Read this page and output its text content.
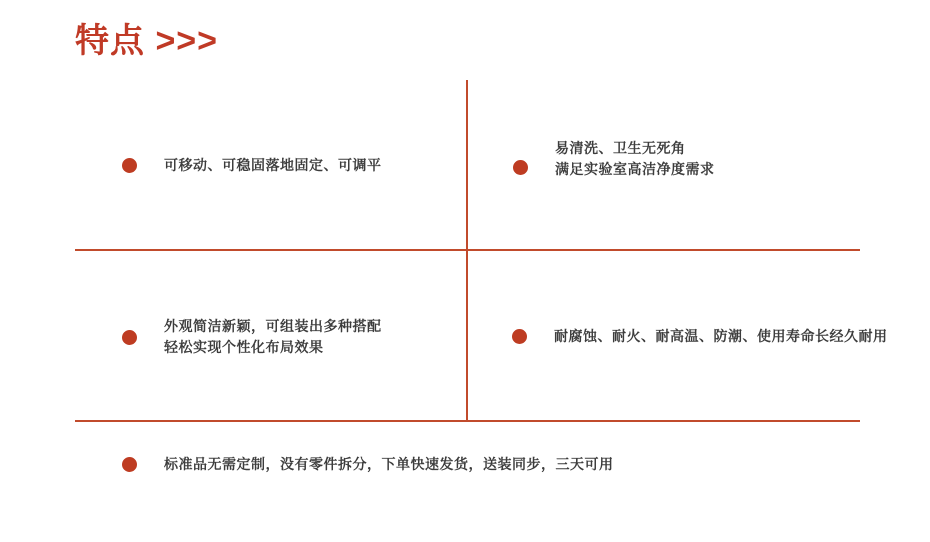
特点 >>>
可移动、可稳固落地固定、可调平
易清洗、卫生无死角
满足实验室高洁净度需求
外观简洁新颖，可组装出多种搭配
轻松实现个性化布局效果
耐腐蚀、耐火、耐高温、防潮、使用寿命长经久耐用
标准品无需定制，没有零件拆分，下单快速发货，送装同步，三天可用
